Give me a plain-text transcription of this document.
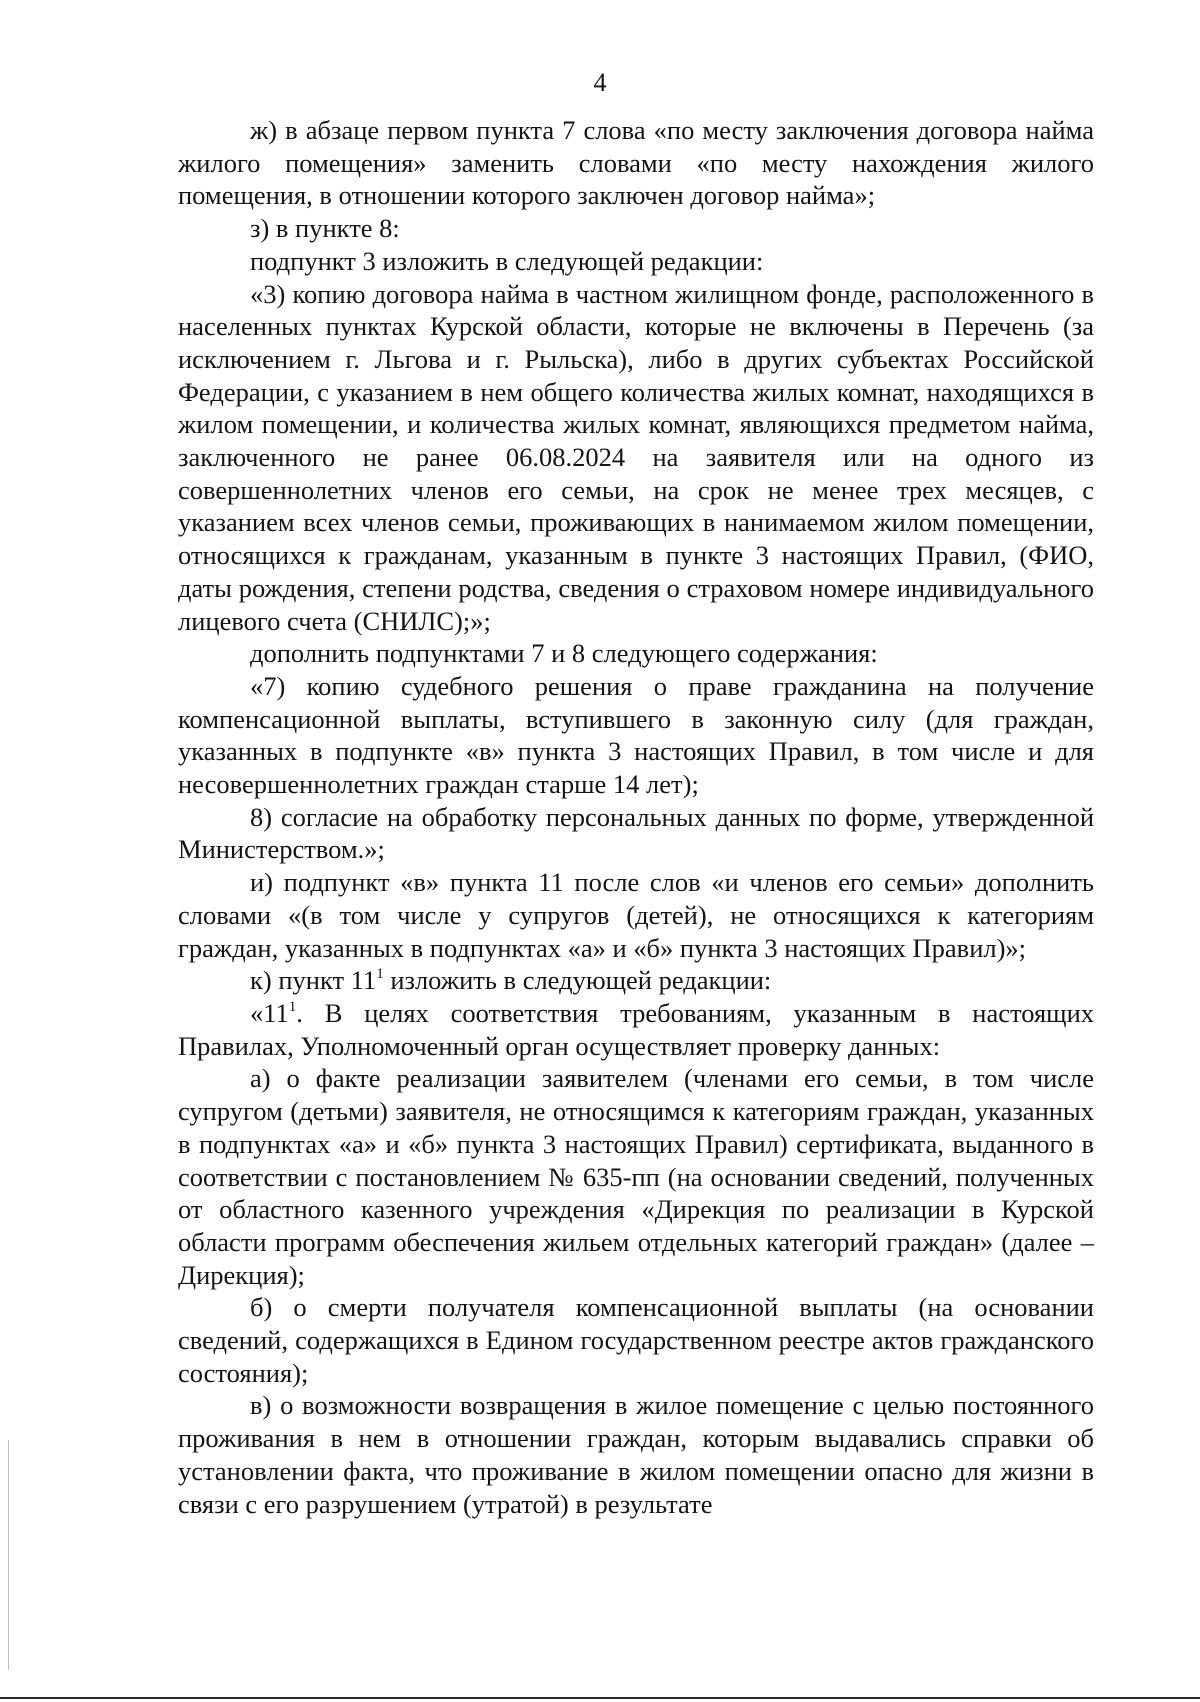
4

ж) в абзаце первом пункта 7 слова «по месту заключения договора найма жилого помещения» заменить словами «по месту нахождения жилого помещения, в отношении которого заключен договор найма»;

з) в пункте 8:

подпункт 3 изложить в следующей редакции:

«3) копию договора найма в частном жилищном фонде, расположенного в населенных пунктах Курской области, которые не включены в Перечень (за исключением г. Льгова и г. Рыльска), либо в других субъектах Российской Федерации, с указанием в нем общего количества жилых комнат, находящихся в жилом помещении, и количества жилых комнат, являющихся предметом найма, заключенного не ранее 06.08.2024 на заявителя или на одного из совершеннолетних членов его семьи, на срок не менее трех месяцев, с указанием всех членов семьи, проживающих в нанимаемом жилом помещении, относящихся к гражданам, указанным в пункте 3 настоящих Правил, (ФИО, даты рождения, степени родства, сведения о страховом номере индивидуального лицевого счета (СНИЛС);»;

дополнить подпунктами 7 и 8 следующего содержания:

«7) копию судебного решения о праве гражданина на получение компенсационной выплаты, вступившего в законную силу (для граждан, указанных в подпункте «в» пункта 3 настоящих Правил, в том числе и для несовершеннолетних граждан старше 14 лет);

8) согласие на обработку персональных данных по форме, утвержденной Министерством.»;

и) подпункт «в» пункта 11 после слов «и членов его семьи» дополнить словами «(в том числе у супругов (детей), не относящихся к категориям граждан, указанных в подпунктах «а» и «б» пункта 3 настоящих Правил)»;

к) пункт $11^1$ изложить в следующей редакции:

«$11^1$. В целях соответствия требованиям, указанным в настоящих Правилах, Уполномоченный орган осуществляет проверку данных:

а) о факте реализации заявителем (членами его семьи, в том числе супругом (детьми) заявителя, не относящимся к категориям граждан, указанных в подпунктах «а» и «б» пункта 3 настоящих Правил) сертификата, выданного в соответствии с постановлением № 635-пп (на основании сведений, полученных от областного казенного учреждения «Дирекция по реализации в Курской области программ обеспечения жильем отдельных категорий граждан» (далее – Дирекция);

б) о смерти получателя компенсационной выплаты (на основании сведений, содержащихся в Едином государственном реестре актов гражданского состояния);

в) о возможности возвращения в жилое помещение с целью постоянного проживания в нем в отношении граждан, которым выдавались справки об установлении факта, что проживание в жилом помещении опасно для жизни в связи с его разрушением (утратой) в результате
